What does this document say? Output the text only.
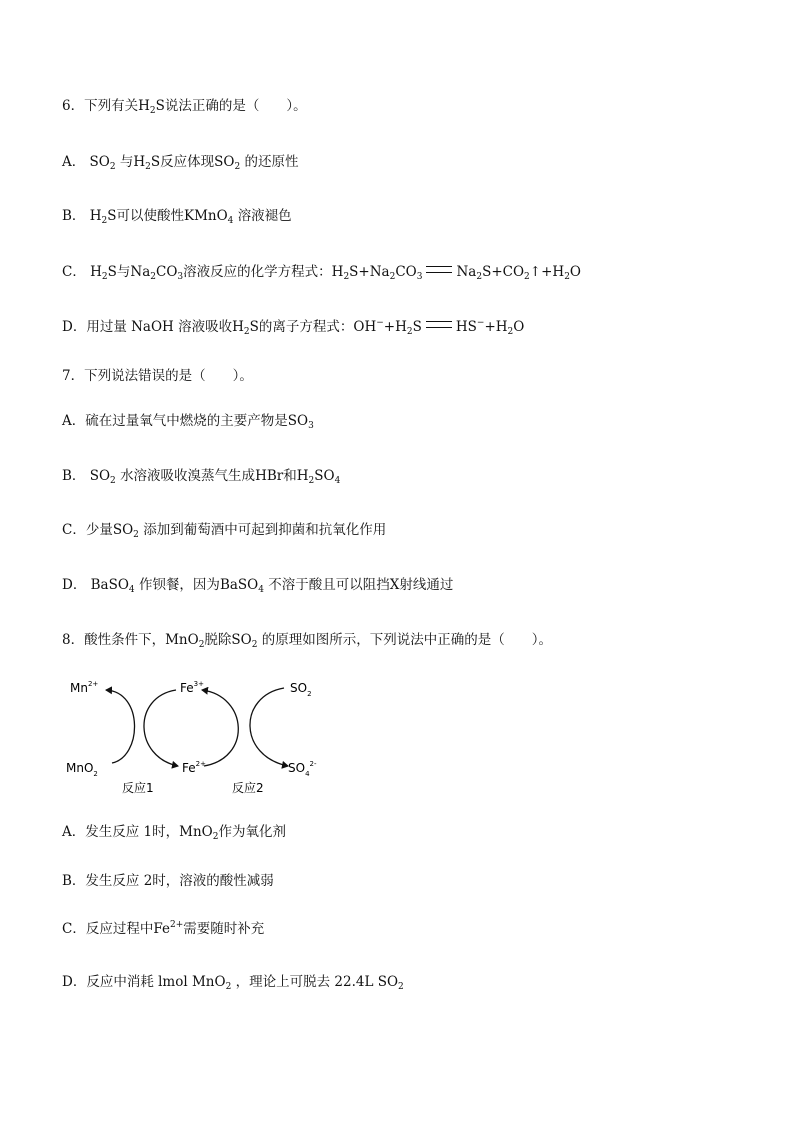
6．下列有关$H_2S$说法正确的是（　　）。
A． $SO_2$ 与$H_2S$反应体现$SO_2$ 的还原性
B． $H_2S$可以使酸性KMnO$_4$ 溶液褪色
C． $H_2S$与$Na_2CO_3$溶液反应的化学方程式：$H_2S+Na_2CO_3$	$Na_2S+CO_2↑+H_2O$
D．用过量 NaOH 溶液吸收$H_2S$的离子方程式：$OH^-+H_2S$	$HS^-+H_2O$
7．下列说法错误的是（　　）。
A．硫在过量氧气中燃烧的主要产物是$SO_3$
B． $SO_2$ 水溶液吸收溴蒸气生成HBr和$H_2SO_4$
C．少量$SO_2$ 添加到葡萄酒中可起到抑菌和抗氧化作用
D． BaSO$_4$ 作钡餐，因为BaSO$_4$ 不溶于酸且可以阻挡X射线通过
8．酸性条件下，MnO$_2$脱除$SO_2$ 的原理如图所示，下列说法中正确的是（　　）。
$Mn^{2+}$	$Fe^{3+}$	$SO_2$
MnO$_2$	$Fe^{2+}$	$SO_4^{2-}$
反应1	反应2
A．发生反应 1时，MnO$_2$作为氧化剂
B．发生反应 2时，溶液的酸性减弱
C．反应过程中$Fe^{2+}$需要随时补充
D．反应中消耗 lmol MnO$_2$ ，理论上可脱去 22.4L $SO_2$
